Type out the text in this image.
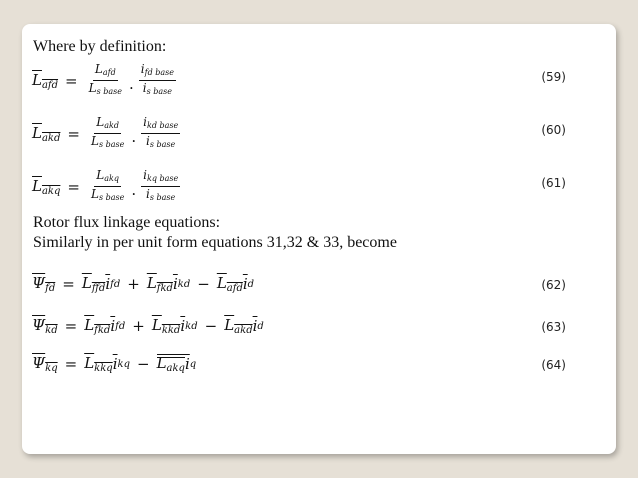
Where by definition:
$L_{afd} = \frac{L_{afd}}{L_{s base}}$ . $\frac{i_{fd base}}{i_{s base}}$	(59)
$L_{akd} = \frac{L_{akd}}{L_{s base}}$ . $\frac{i_{kd base}}{i_{s base}}$	(60)
$L_{akq} = \frac{L_{akq}}{L_{s base}}$ . $\frac{i_{kq base}}{i_{s base}}$	(61)
Rotor flux linkage equations:
Similarly in per unit form equations 31,32 & 33, become
$\Psi_{fd} = L_{ffd}$ $\overline{i}$ fd + $L_{fkd}$ $\overline{i}$ kd − $L_{afd}$ $\overline{i}$ d	(62)
$\Psi_{kd} = L_{fkd}$ $\overline{i}$ fd + $L_{kkd}$ $\overline{i}$ kd − $L_{akd}$ $\overline{i}$ d	(63)
$\Psi_{kq} = L_{kkq}$ $\overline{i}$ kq − $L_{akq}$ $\overline{i}$ q	(64)
